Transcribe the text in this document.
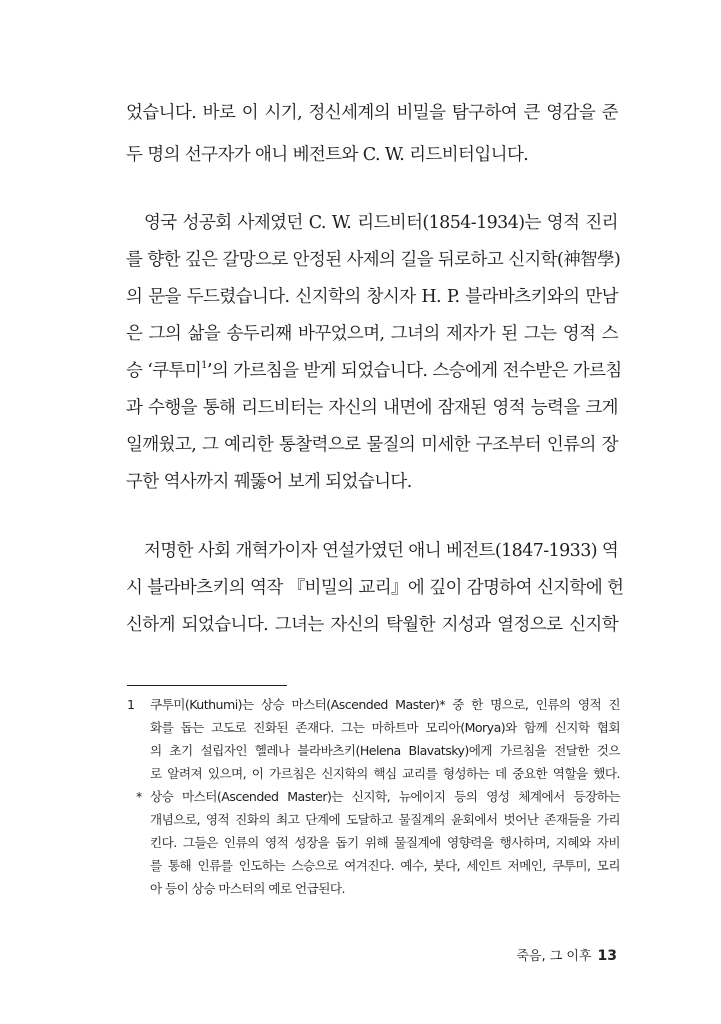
었습니다. 바로 이 시기, 정신세계의 비밀을 탐구하여 큰 영감을 준
두 명의 선구자가 애니 베전트와 C. W. 리드비터입니다.
영국 성공회 사제였던 C. W. 리드비터(1854-1934)는 영적 진리
를 향한 깊은 갈망으로 안정된 사제의 길을 뒤로하고 신지학(神智學)
의 문을 두드렸습니다. 신지학의 창시자 H. P. 블라바츠키와의 만남
은 그의 삶을 송두리째 바꾸었으며, 그녀의 제자가 된 그는 영적 스
승 ‘쿠투미$^1$’의 가르침을 받게 되었습니다. 스승에게 전수받은 가르침
과 수행을 통해 리드비터는 자신의 내면에 잠재된 영적 능력을 크게
일깨웠고, 그 예리한 통찰력으로 물질의 미세한 구조부터 인류의 장
구한 역사까지 꿰뚫어 보게 되었습니다.
저명한 사회 개혁가이자 연설가였던 애니 베전트(1847-1933) 역
시 블라바츠키의 역작 『비밀의 교리』에 깊이 감명하여 신지학에 헌
신하게 되었습니다. 그녀는 자신의 탁월한 지성과 열정으로 신지학
1 쿠투미(Kuthumi)는 상승 마스터(Ascended Master)* 중 한 명으로, 인류의 영적 진
화를 돕는 고도로 진화된 존재다. 그는 마하트마 모리아(Morya)와 함께 신지학 협회
의 초기 설립자인 헬레나 블라바츠키(Helena Blavatsky)에게 가르침을 전달한 것으
로 알려져 있으며, 이 가르침은 신지학의 핵심 교리를 형성하는 데 중요한 역할을 했다.
* 상승 마스터(Ascended Master)는 신지학, 뉴에이지 등의 영성 체계에서 등장하는
개념으로, 영적 진화의 최고 단계에 도달하고 물질계의 윤회에서 벗어난 존재들을 가리
킨다. 그들은 인류의 영적 성장을 돕기 위해 물질계에 영향력을 행사하며, 지혜와 자비
를 통해 인류를 인도하는 스승으로 여겨진다. 예수, 붓다, 세인트 저메인, 쿠투미, 모리
아 등이 상승 마스터의 예로 언급된다.
죽음, 그 이후 13
